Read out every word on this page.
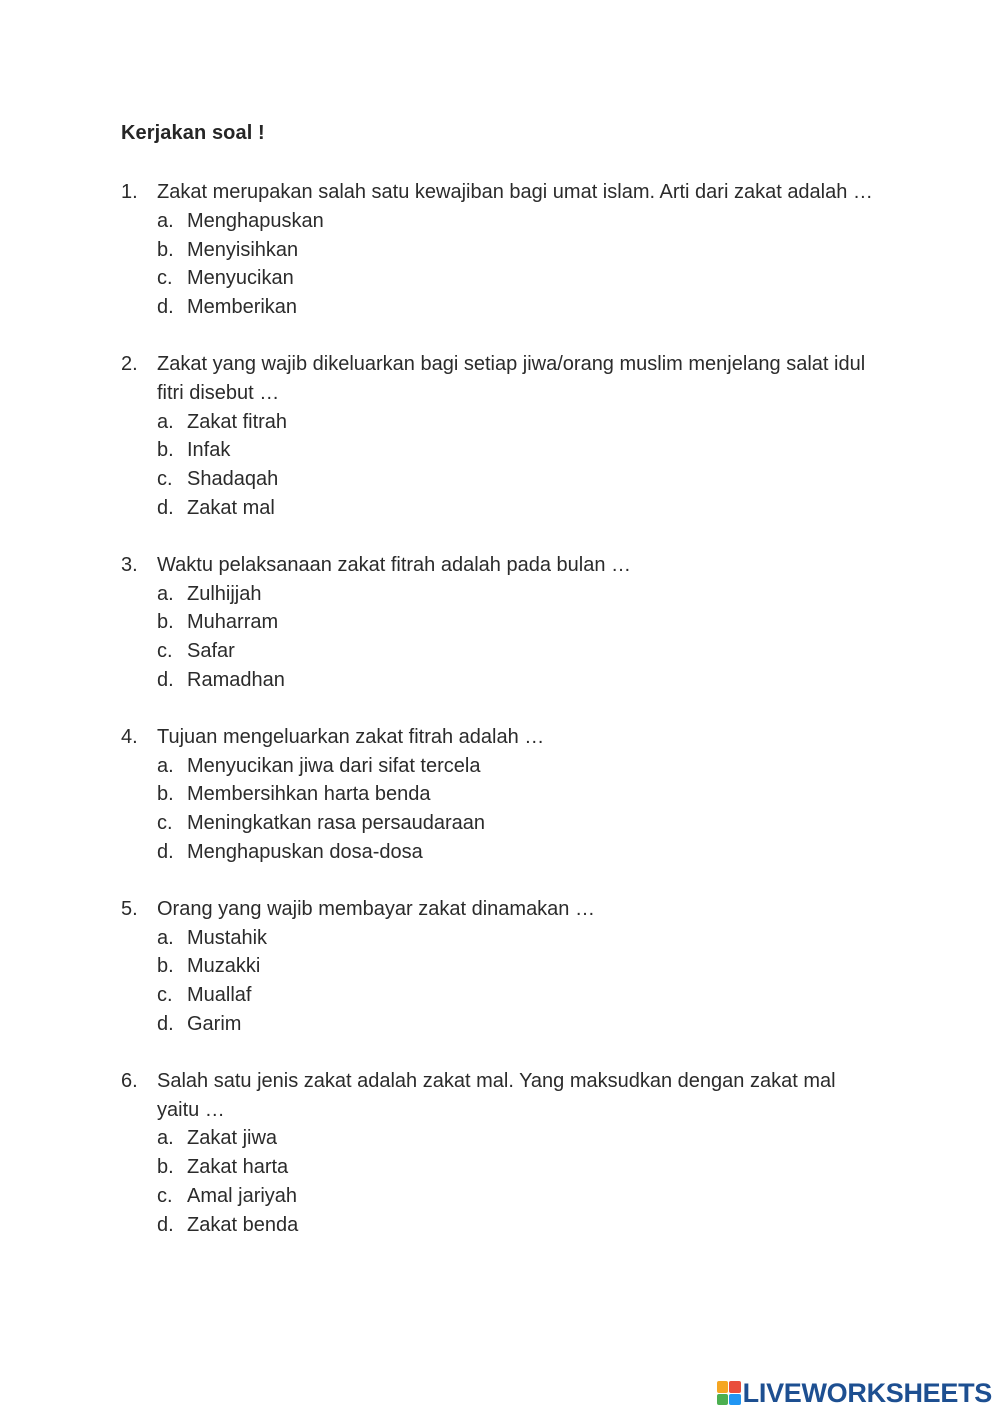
Kerjakan soal !
1. Zakat merupakan salah satu kewajiban bagi umat islam. Arti dari zakat adalah …
a. Menghapuskan
b. Menyisihkan
c. Menyucikan
d. Memberikan
2. Zakat yang wajib dikeluarkan bagi setiap jiwa/orang muslim menjelang salat idul fitri disebut …
a. Zakat fitrah
b. Infak
c. Shadaqah
d. Zakat mal
3. Waktu pelaksanaan zakat fitrah adalah pada bulan …
a. Zulhijjah
b. Muharram
c. Safar
d. Ramadhan
4. Tujuan mengeluarkan zakat fitrah adalah …
a. Menyucikan jiwa dari sifat tercela
b. Membersihkan harta benda
c. Meningkatkan rasa persaudaraan
d. Menghapuskan dosa-dosa
5. Orang yang wajib membayar zakat dinamakan …
a. Mustahik
b. Muzakki
c. Muallaf
d. Garim
6. Salah satu jenis zakat adalah zakat mal. Yang maksudkan dengan zakat mal yaitu …
a. Zakat jiwa
b. Zakat harta
c. Amal jariyah
d. Zakat benda
LIVEWORKSHEETS
